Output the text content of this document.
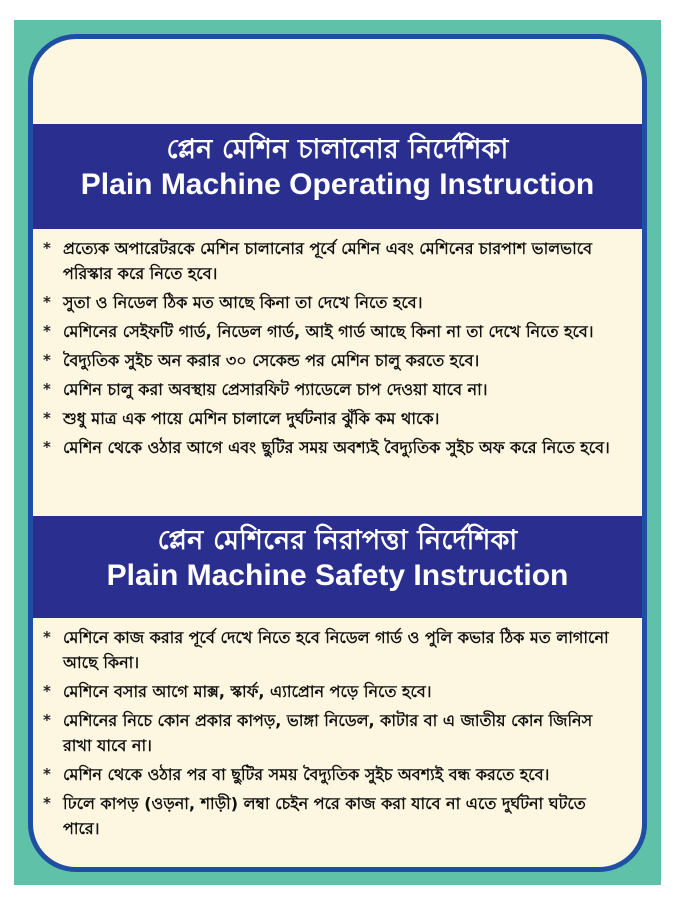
প্লেন মেশিন চালানোর নির্দেশিকা
Plain Machine Operating Instruction
* প্রত্যেক অপারেটরকে মেশিন চালানোর পূর্বে মেশিন এবং মেশিনের চারপাশ ভালভাবে পরিস্কার করে নিতে হবে।
* সুতা ও নিডেল ঠিক মত আছে কিনা তা দেখে নিতে হবে।
* মেশিনের সেইফটি গার্ড, নিডেল গার্ড, আই গার্ড আছে কিনা না তা দেখে নিতে হবে।
* বৈদ্যুতিক সুইচ অন করার ৩০ সেকেন্ড পর মেশিন চালু করতে হবে।
* মেশিন চালু করা অবস্থায় প্রেসারফিট প্যাডেলে চাপ দেওয়া যাবে না।
* শুধু মাত্র এক পায়ে মেশিন চালালে দুর্ঘটনার ঝুঁকি কম থাকে।
* মেশিন থেকে ওঠার আগে এবং ছুটির সময় অবশ্যই বৈদ্যুতিক সুইচ অফ করে নিতে হবে।
প্লেন মেশিনের নিরাপত্তা নির্দেশিকা
Plain Machine Safety Instruction
* মেশিনে কাজ করার পূর্বে দেখে নিতে হবে নিডেল গার্ড ও পুলি কভার ঠিক মত লাগানো আছে কিনা।
* মেশিনে বসার আগে মাক্স, স্কার্ফ, এ্যাপ্রোন পড়ে নিতে হবে।
* মেশিনের নিচে কোন প্রকার কাপড়, ভাঙ্গা নিডেল, কাটার বা এ জাতীয় কোন জিনিস রাখা যাবে না।
* মেশিন থেকে ওঠার পর বা ছুটির সময় বৈদ্যুতিক সুইচ অবশ্যই বন্ধ করতে হবে।
* ঢিলে কাপড় (ওড়না, শাড়ী) লম্বা চেইন পরে কাজ করা যাবে না এতে দুর্ঘটনা ঘটতে পারে।
